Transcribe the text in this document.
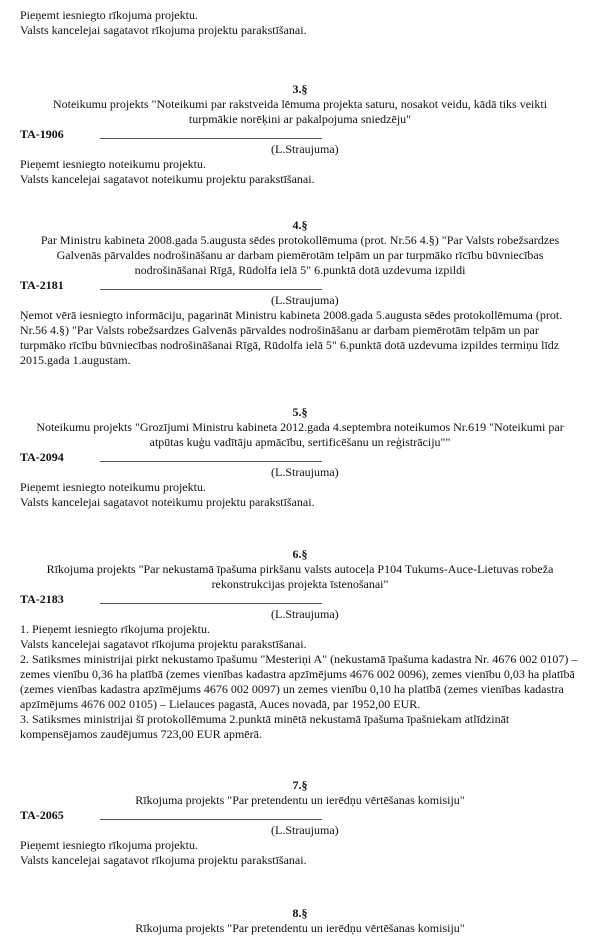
Pieņemt iesniegto rīkojuma projektu.

Valsts kancelejai sagatavot rīkojuma projektu parakstīšanai.

3.§

Noteikumu projekts "Noteikumi par rakstveida lēmuma projekta saturu, nosakot veidu, kādā tiks veikti turpmākie norēķini ar pakalpojuma sniedzēju"

TA-1906

(L.Straujuma)

Pieņemt iesniegto noteikumu projektu.

Valsts kancelejai sagatavot noteikumu projektu parakstīšanai.

4.§

Par Ministru kabineta 2008.gada 5.augusta sēdes protokollēmuma (prot. Nr.56 4.§) "Par Valsts robežsardzes Galvenās pārvaldes nodrošināšanu ar darbam piemērotām telpām un par turpmāko rīcību būvniecības nodrošināšanai Rīgā, Rūdolfa ielā 5" 6.punktā dotā uzdevuma izpildi

TA-2181

(L.Straujuma)

Ņemot vērā iesniegto informāciju, pagarināt Ministru kabineta 2008.gada 5.augusta sēdes protokollēmuma (prot. Nr.56 4.§) "Par Valsts robežsardzes Galvenās pārvaldes nodrošināšanu ar darbam piemērotām telpām un par turpmāko rīcību būvniecības nodrošināšanai Rīgā, Rūdolfa ielā 5" 6.punktā dotā uzdevuma izpildes termiņu līdz 2015.gada 1.augustam.

5.§

Noteikumu projekts "Grozījumi Ministru kabineta 2012.gada 4.septembra noteikumos Nr.619 "Noteikumi par atpūtas kuģu vadītāju apmācību, sertificēšanu un reģistrāciju""

TA-2094

(L.Straujuma)

Pieņemt iesniegto noteikumu projektu.

Valsts kancelejai sagatavot noteikumu projektu parakstīšanai.

6.§

Rīkojuma projekts "Par nekustamā īpašuma pirkšanu valsts autoceļa P104 Tukums-Auce-Lietuvas robeža rekonstrukcijas projekta īstenošanai"

TA-2183

(L.Straujuma)

1. Pieņemt iesniegto rīkojuma projektu.

Valsts kancelejai sagatavot rīkojuma projektu parakstīšanai.

2. Satiksmes ministrijai pirkt nekustamo īpašumu "Mesteriņi A" (nekustamā īpašuma kadastra Nr. 4676 002 0107) – zemes vienību 0,36 ha platībā (zemes vienības kadastra apzīmējums 4676 002 0096), zemes vienību 0,03 ha platībā (zemes vienības kadastra apzīmējums 4676 002 0097) un zemes vienību 0,10 ha platībā (zemes vienības kadastra apzīmējums 4676 002 0105) – Lielauces pagastā, Auces novadā, par 1952,00 EUR.

3. Satiksmes ministrijai šī protokollēmuma 2.punktā minētā nekustamā īpašuma īpašniekam atlīdzināt kompensējamos zaudējumus 723,00 EUR apmērā.

7.§

Rīkojuma projekts "Par pretendentu un ierēdņu vērtēšanas komisiju"

TA-2065

(L.Straujuma)

Pieņemt iesniegto rīkojuma projektu.

Valsts kancelejai sagatavot rīkojuma projektu parakstīšanai.

8.§

Rīkojuma projekts "Par pretendentu un ierēdņu vērtēšanas komisiju"
